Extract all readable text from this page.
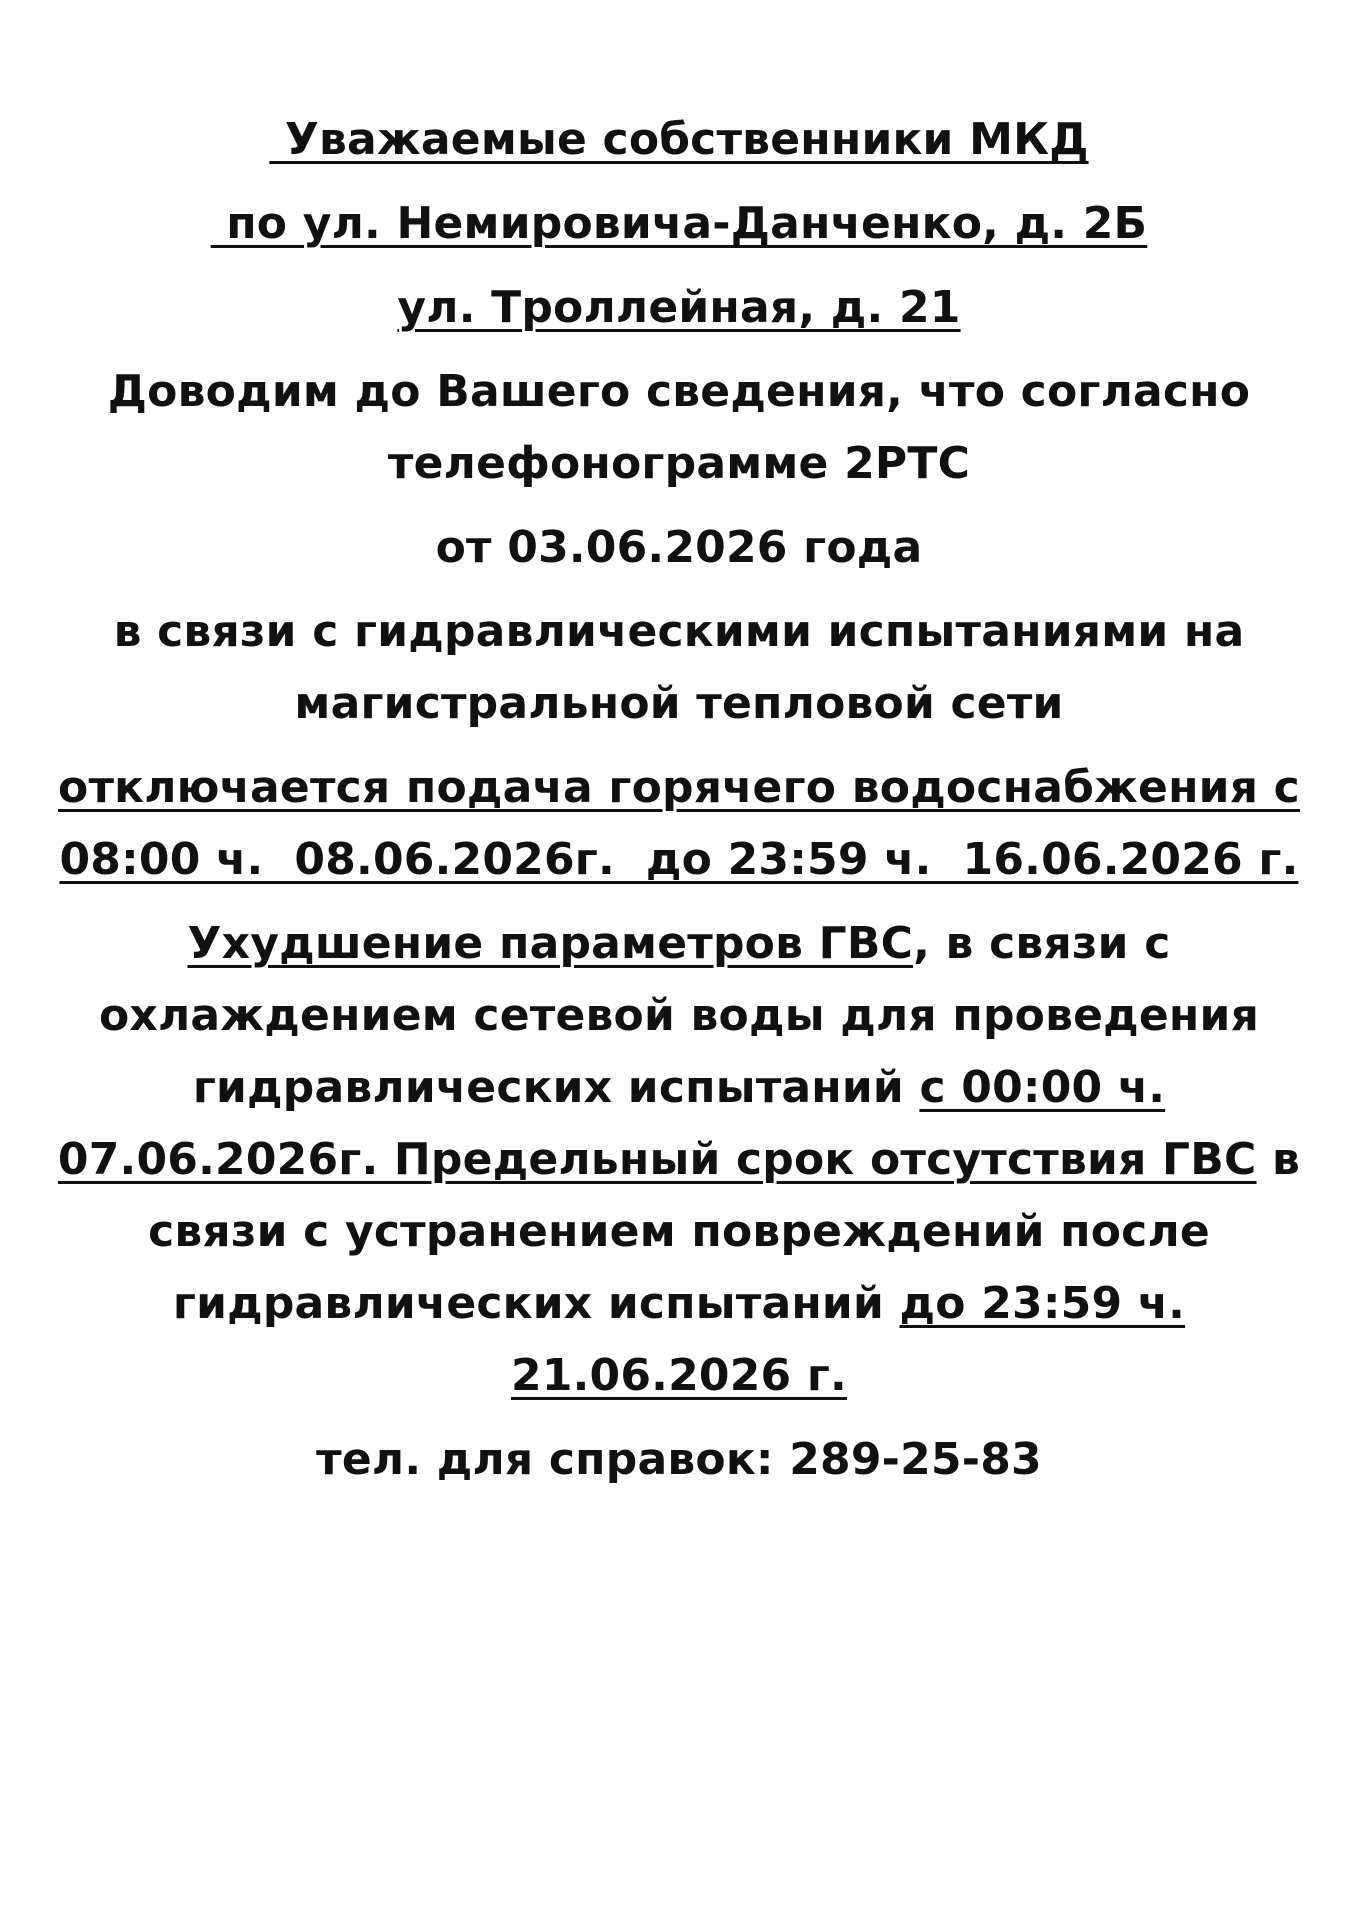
Уважаемые собственники МКД
по ул. Немировича-Данченко, д. 2Б
ул. Троллейная, д. 21
Доводим до Вашего сведения, что согласно
телефонограмме 2РТС
от 03.06.2026 года
в связи с гидравлическими испытаниями на
магистральной тепловой сети
отключается подача горячего водоснабжения с
08:00 ч.  08.06.2026г.  до 23:59 ч.  16.06.2026 г.
Ухудшение параметров ГВС, в связи с
охлаждением сетевой воды для проведения
гидравлических испытаний с 00:00 ч.
07.06.2026г. Предельный срок отсутствия ГВС в
связи с устранением повреждений после
гидравлических испытаний до 23:59 ч.
21.06.2026 г.
тел. для справок: 289-25-83
